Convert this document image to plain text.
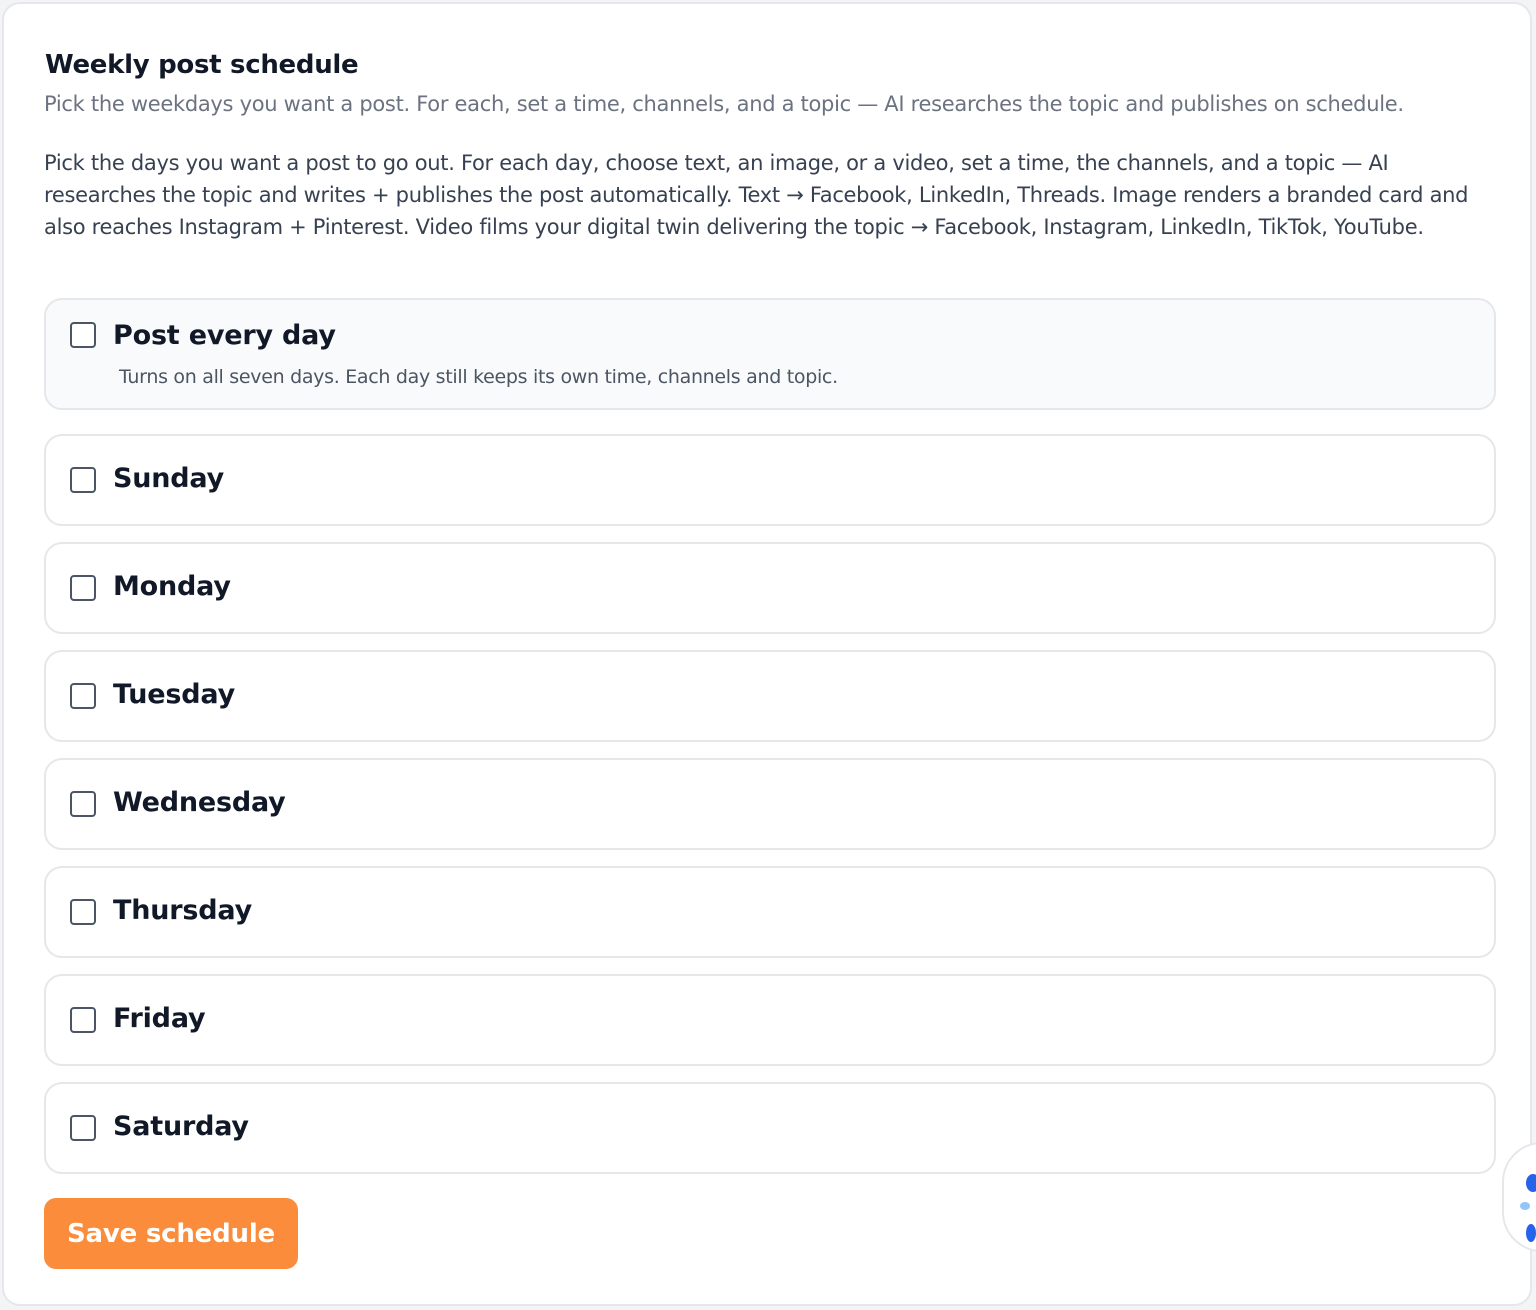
Weekly post schedule
Pick the weekdays you want a post. For each, set a time, channels, and a topic — AI researches the topic and publishes on schedule.
Pick the days you want a post to go out. For each day, choose text, an image, or a video, set a time, the channels, and a topic — AI researches the topic and writes + publishes the post automatically. Text → Facebook, LinkedIn, Threads. Image renders a branded card and also reaches Instagram + Pinterest. Video films your digital twin delivering the topic → Facebook, Instagram, LinkedIn, TikTok, YouTube.
Post every day
Turns on all seven days. Each day still keeps its own time, channels and topic.
Sunday
Monday
Tuesday
Wednesday
Thursday
Friday
Saturday
Save schedule
